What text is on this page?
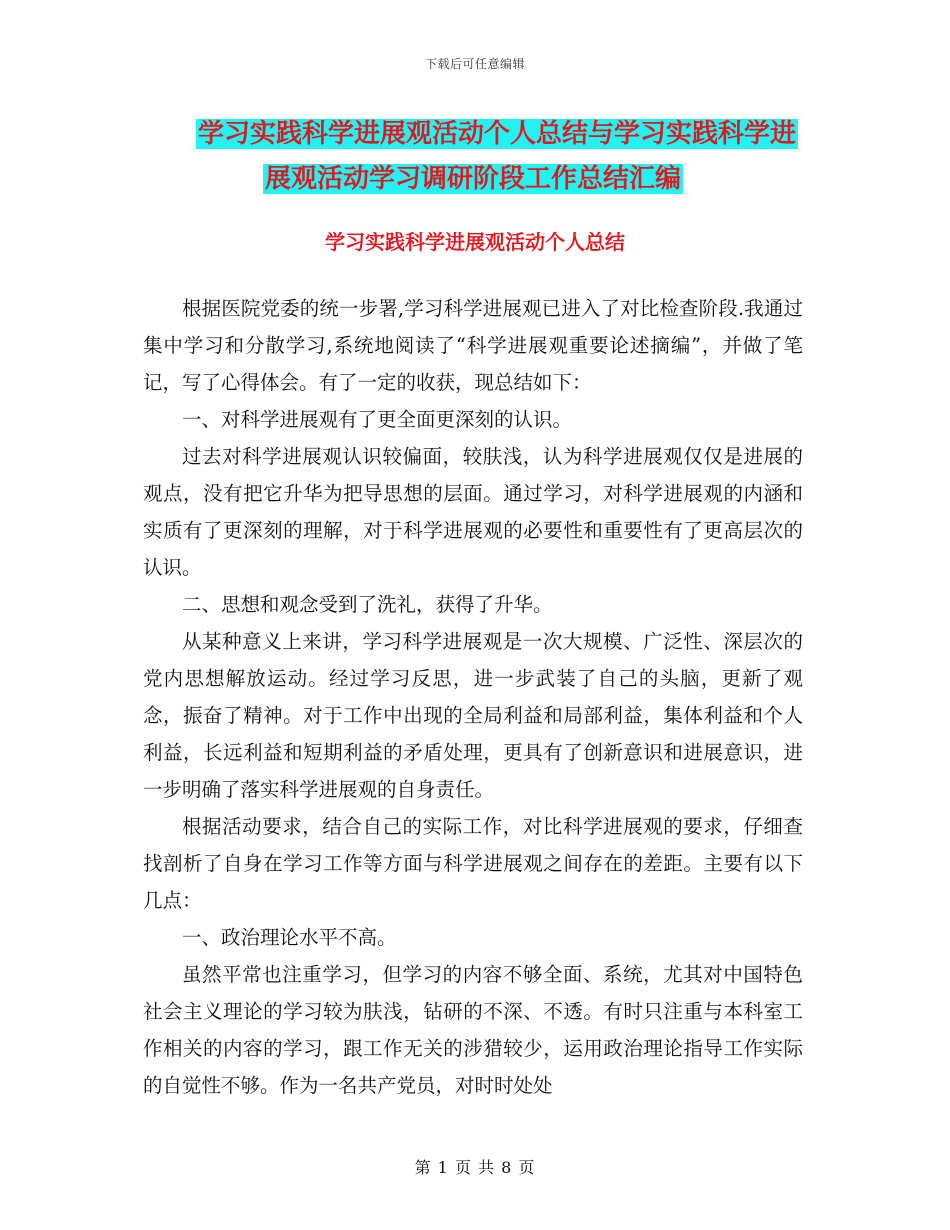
下载后可任意编辑
学习实践科学进展观活动个人总结与学习实践科学进
展观活动学习调研阶段工作总结汇编
学习实践科学进展观活动个人总结

根据医院党委的统一步署,学习科学进展观已进入了对比检查阶段.我通过集中学习和分散学习,系统地阅读了“科学进展观重要论述摘编”，并做了笔记，写了心得体会。有了一定的收获，现总结如下：

一、对科学进展观有了更全面更深刻的认识。

过去对科学进展观认识较偏面，较肤浅，认为科学进展观仅仅是进展的观点，没有把它升华为把导思想的层面。通过学习，对科学进展观的内涵和实质有了更深刻的理解，对于科学进展观的必要性和重要性有了更高层次的认识。

二、思想和观念受到了洗礼，获得了升华。

从某种意义上来讲，学习科学进展观是一次大规模、广泛性、深层次的党内思想解放运动。经过学习反思，进一步武装了自己的头脑，更新了观念，振奋了精神。对于工作中出现的全局利益和局部利益，集体利益和个人利益，长远利益和短期利益的矛盾处理，更具有了创新意识和进展意识，进一步明确了落实科学进展观的自身责任。

根据活动要求，结合自己的实际工作，对比科学进展观的要求，仔细查找剖析了自身在学习工作等方面与科学进展观之间存在的差距。主要有以下几点：

一、政治理论水平不高。

虽然平常也注重学习，但学习的内容不够全面、系统，尤其对中国特色社会主义理论的学习较为肤浅，钻研的不深、不透。有时只注重与本科室工作相关的内容的学习，跟工作无关的涉猎较少，运用政治理论指导工作实际的自觉性不够。作为一名共产党员，对时时处处

第 1 页 共 8 页
